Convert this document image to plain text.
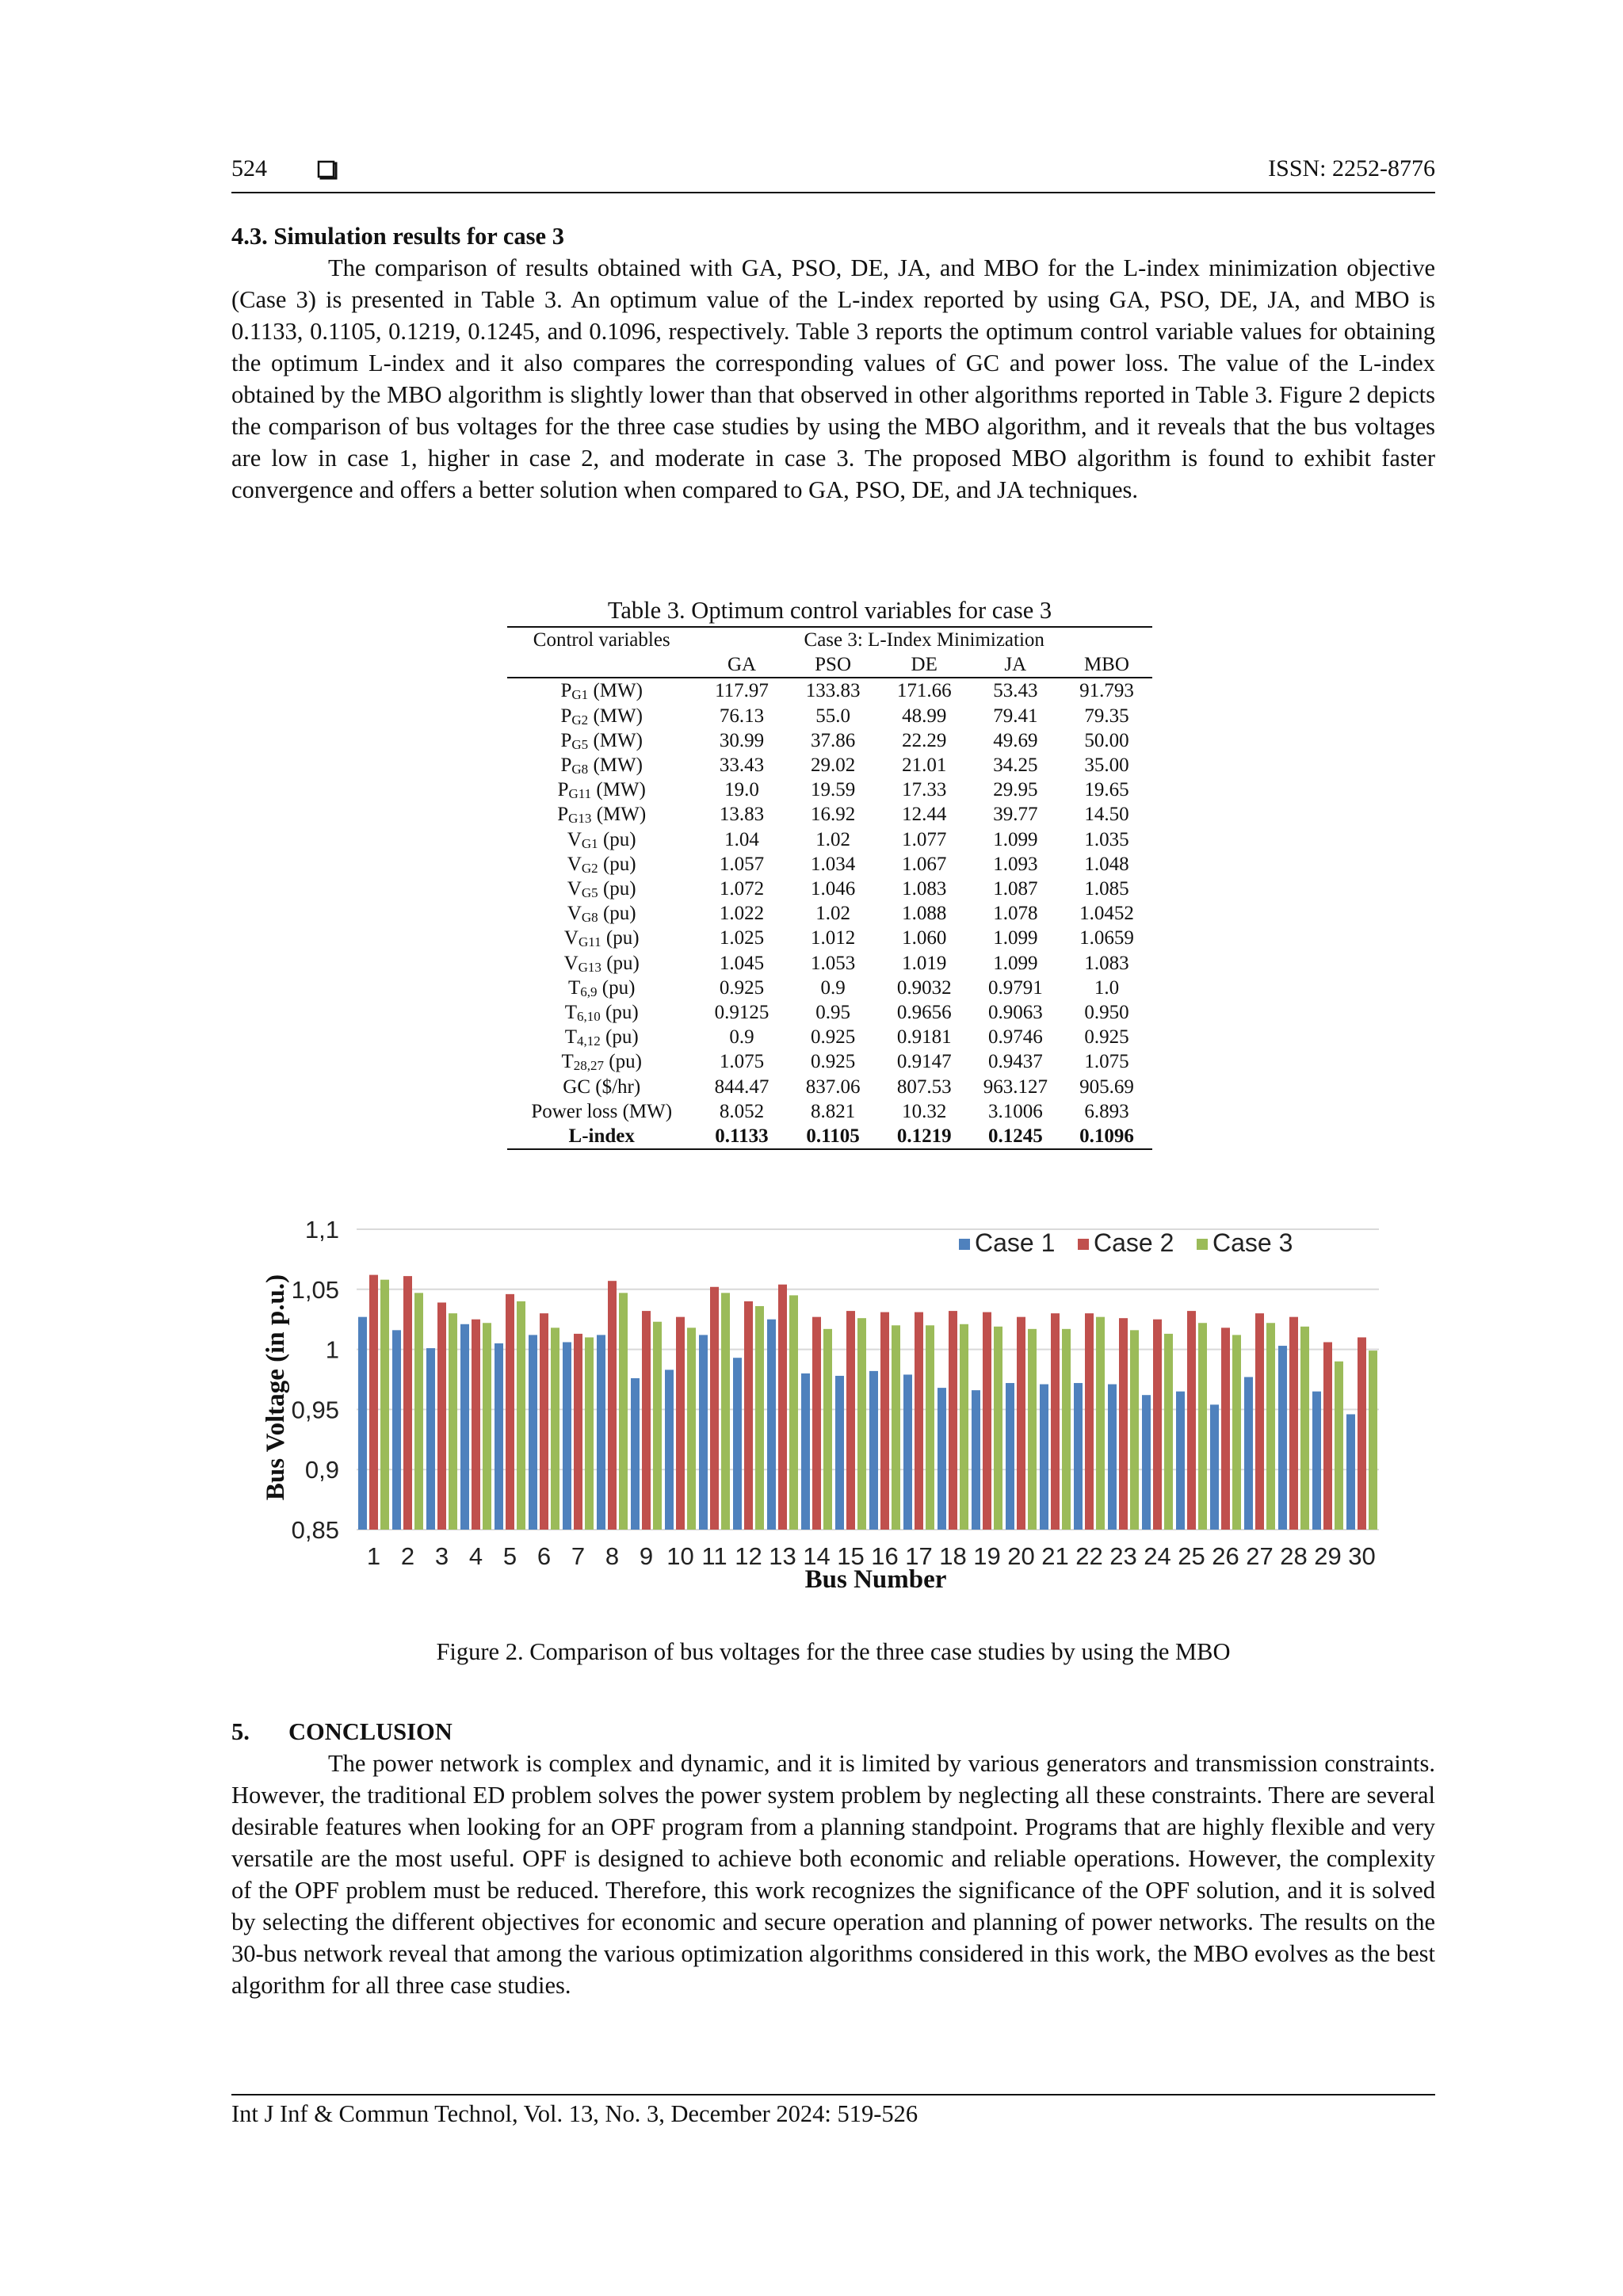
524	ISSN: 2252-8776

4.3. Simulation results for case 3

The comparison of results obtained with GA, PSO, DE, JA, and MBO for the L-index minimization objective (Case 3) is presented in Table 3. An optimum value of the L-index reported by using GA, PSO, DE, JA, and MBO is 0.1133, 0.1105, 0.1219, 0.1245, and 0.1096, respectively. Table 3 reports the optimum control variable values for obtaining the optimum L-index and it also compares the corresponding values of GC and power loss. The value of the L-index obtained by the MBO algorithm is slightly lower than that observed in other algorithms reported in Table 3. Figure 2 depicts the comparison of bus voltages for the three case studies by using the MBO algorithm, and it reveals that the bus voltages are low in case 1, higher in case 2, and moderate in case 3. The proposed MBO algorithm is found to exhibit faster convergence and offers a better solution when compared to GA, PSO, DE, and JA techniques.

Table 3. Optimum control variables for case 3

Control variables	Case 3: L-Index Minimization				
	GA	PSO	DE	JA	MBO
PG1 (MW)	117.97	133.83	171.66	53.43	91.793
PG2 (MW)	76.13	55.0	48.99	79.41	79.35
PG5 (MW)	30.99	37.86	22.29	49.69	50.00
PG8 (MW)	33.43	29.02	21.01	34.25	35.00
PG11 (MW)	19.0	19.59	17.33	29.95	19.65
PG13 (MW)	13.83	16.92	12.44	39.77	14.50
VG1 (pu)	1.04	1.02	1.077	1.099	1.035
VG2 (pu)	1.057	1.034	1.067	1.093	1.048
VG5 (pu)	1.072	1.046	1.083	1.087	1.085
VG8 (pu)	1.022	1.02	1.088	1.078	1.0452
VG11 (pu)	1.025	1.012	1.060	1.099	1.0659
VG13 (pu)	1.045	1.053	1.019	1.099	1.083
T6,9 (pu)	0.925	0.9	0.9032	0.9791	1.0
T6,10 (pu)	0.9125	0.95	0.9656	0.9063	0.950
T4,12 (pu)	0.9	0.925	0.9181	0.9746	0.925
T28,27 (pu)	1.075	0.925	0.9147	0.9437	1.075
GC ($/hr)	844.47	837.06	807.53	963.127	905.69
Power loss (MW)	8.052	8.821	10.32	3.1006	6.893
L-index	0.1133	0.1105	0.1219	0.1245	0.1096
0,85
0,9
0,95
1
1,05
1,1
1 2 3 4 5 6 7 8 9 10 11 12 13 14 15 16 17 18 19 20 21 22 23 24 25 26 27 28 29 30
Bus Number
Bus Voltage (in p.u.)
Case 1 Case 2 Case 3
Figure 2. Comparison of bus voltages for the three case studies by using the MBO

5. CONCLUSION

The power network is complex and dynamic, and it is limited by various generators and transmission constraints. However, the traditional ED problem solves the power system problem by neglecting all these constraints. There are several desirable features when looking for an OPF program from a planning standpoint. Programs that are highly flexible and very versatile are the most useful. OPF is designed to achieve both economic and reliable operations. However, the complexity of the OPF problem must be reduced. Therefore, this work recognizes the significance of the OPF solution, and it is solved by selecting the different objectives for economic and secure operation and planning of power networks. The results on the 30-bus network reveal that among the various optimization algorithms considered in this work, the MBO evolves as the best algorithm for all three case studies.

Int J Inf & Commun Technol, Vol. 13, No. 3, December 2024: 519-526
